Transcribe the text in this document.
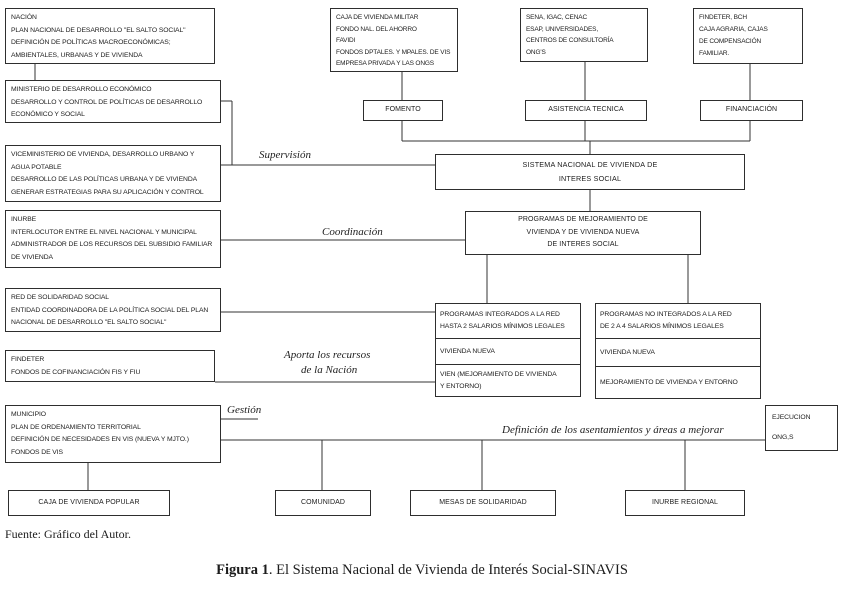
NACIÓN
PLAN NACIONAL DE DESARROLLO "EL SALTO SOCIAL"
DEFINICIÓN DE POLÍTICAS MACROECONÓMICAS;
AMBIENTALES, URBANAS Y DE VIVIENDA
MINISTERIO DE DESARROLLO ECONÓMICO
DESARROLLO Y CONTROL DE POLÍTICAS DE DESARROLLO
ECONÓMICO Y SOCIAL
VICEMINISTERIO DE VIVIENDA, DESARROLLO URBANO Y
AGUA POTABLE
DESARROLLO DE LAS POLÍTICAS URBANA Y DE VIVIENDA
GENERAR ESTRATEGIAS PARA SU APLICACIÓN Y CONTROL
INURBE
INTERLOCUTOR ENTRE EL NIVEL NACIONAL Y MUNICIPAL
ADMINISTRADOR DE LOS RECURSOS DEL SUBSIDIO FAMILIAR
DE VIVIENDA
RED DE SOLIDARIDAD SOCIAL
ENTIDAD COORDINADORA DE LA POLÍTICA SOCIAL DEL PLAN
NACIONAL DE DESARROLLO "EL SALTO SOCIAL"
FINDETER
FONDOS DE COFINANCIACIÓN FIS Y FIU
MUNICIPIO
PLAN DE ORDENAMIENTO TERRITORIAL
DEFINICIÓN DE NECESIDADES EN VIS (NUEVA Y MJTO.)
FONDOS DE VIS
CAJA DE VIVIENDA MILITAR
FONDO NAL. DEL AHORRO
FAVIDI
FONDOS DPTALES. Y MPALES. DE VIS
EMPRESA PRIVADA Y LAS ONGS
FOMENTO
SENA, IGAC, CENAC
ESAP, UNIVERSIDADES,
CENTROS DE CONSULTORÍA
ONG'S
ASISTENCIA TECNICA
FINDETER, BCH
CAJA AGRARIA, CAJAS
DE COMPENSACIÓN
FAMILIAR.
FINANCIACIÓN
SISTEMA NACIONAL DE VIVIENDA DE
INTERES SOCIAL
PROGRAMAS DE MEJORAMIENTO DE
VIVIENDA Y DE VIVIENDA NUEVA
DE INTERES SOCIAL
PROGRAMAS INTEGRADOS A LA RED
HASTA 2 SALARIOS MÍNIMOS LEGALES
VIVIENDA NUEVA
VIEN (MEJORAMIENTO DE VIVIENDA
Y ENTORNO)
PROGRAMAS NO INTEGRADOS A LA RED
DE 2 A 4 SALARIOS MÍNIMOS LEGALES
VIVIENDA NUEVA
MEJORAMIENTO DE VIVIENDA Y ENTORNO
EJECUCION
ONG,S
CAJA DE VIVIENDA POPULAR	COMUNIDAD	MESAS DE SOLIDARIDAD	INURBE REGIONAL
Supervisión
Coordinación
Aporta los recursos
de la Nación
Gestión
Definición de los asentamientos y áreas a mejorar
Fuente: Gráfico del Autor.
Figura 1. El Sistema Nacional de Vivienda de Interés Social-SINAVIS
